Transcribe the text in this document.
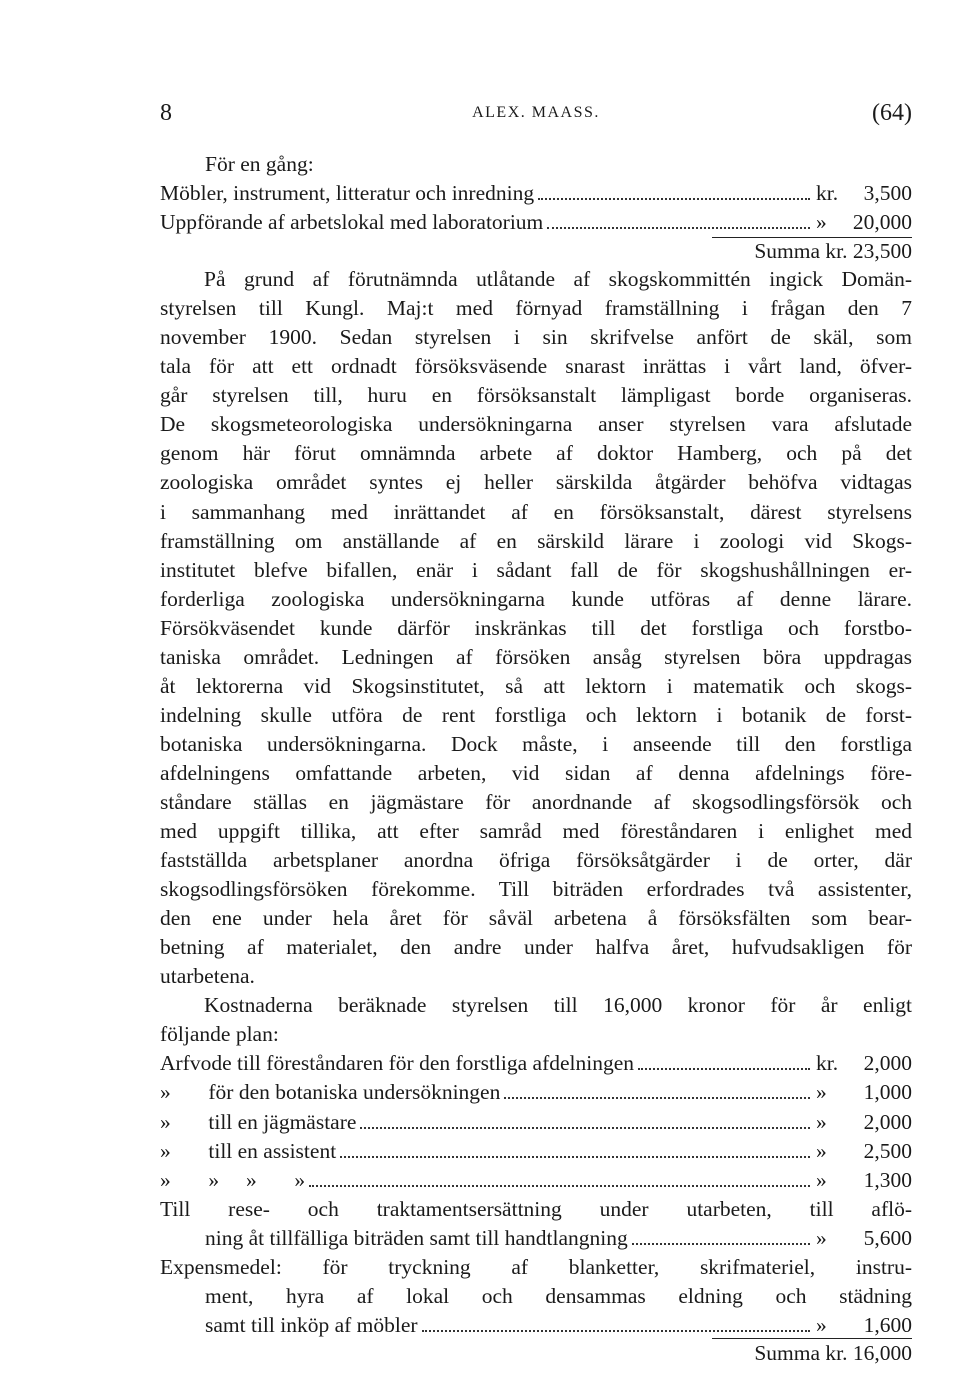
8	ALEX. MAASS.	(64)
För en gång:
Möbler, instrument, litteratur och inredning	kr.	3,500
Uppförande af arbetslokal med laboratorium	»	20,000
Summa kr. 23,500
På grund af förutnämnda utlåtande af skogskommittén ingick Domän-
styrelsen till Kungl. Maj:t med förnyad framställning i frågan den 7
november 1900. Sedan styrelsen i sin skrifvelse anfört de skäl, som
tala för att ett ordnadt försöksväsende snarast inrättas i vårt land, öfver-
går styrelsen till, huru en försöksanstalt lämpligast borde organiseras.
De skogsmeteorologiska undersökningarna anser styrelsen vara afslutade
genom här förut omnämnda arbete af doktor Hamberg, och på det
zoologiska området syntes ej heller särskilda åtgärder behöfva vidtagas
i sammanhang med inrättandet af en försöksanstalt, därest styrelsens
framställning om anställande af en särskild lärare i zoologi vid Skogs-
institutet blefve bifallen, enär i sådant fall de för skogshushållningen er-
forderliga zoologiska undersökningarna kunde utföras af denne lärare.
Försökväsendet kunde därför inskränkas till det forstliga och forstbo-
taniska området. Ledningen af försöken ansåg styrelsen böra uppdragas
åt lektorerna vid Skogsinstitutet, så att lektorn i matematik och skogs-
indelning skulle utföra de rent forstliga och lektorn i botanik de forst-
botaniska undersökningarna. Dock måste, i anseende till den forstliga
afdelningens omfattande arbeten, vid sidan af denna afdelnings före-
ståndare ställas en jägmästare för anordnande af skogsodlingsförsök och
med uppgift tillika, att efter samråd med föreståndaren i enlighet med
fastställda arbetsplaner anordna öfriga försöksåtgärder i de orter, där
skogsodlingsförsöken förekomme. Till biträden erfordrades två assistenter,
den ene under hela året för såväl arbetena å försöksfälten som bear-
betning af materialet, den andre under halfva året, hufvudsakligen för
utarbetena.
Kostnaderna beräknade styrelsen till 16,000 kronor för år enligt
följande plan:
Arfvode till föreståndaren för den forstliga afdelningen	kr.	2,000
»       för den botaniska undersökningen	»	1,000
»       till en jägmästare	»	2,000
»       till en assistent	»	2,500
»       »     »       »	»	1,300
Till rese- och traktamentsersättning under utarbeten, till aflö-
ning åt tillfälliga biträden samt till handtlangning	»	5,600
Expensmedel: för tryckning af blanketter, skrifmateriel, instru-
ment, hyra af lokal och densammas eldning och städning
samt till inköp af möbler	»	1,600
Summa kr. 16,000
